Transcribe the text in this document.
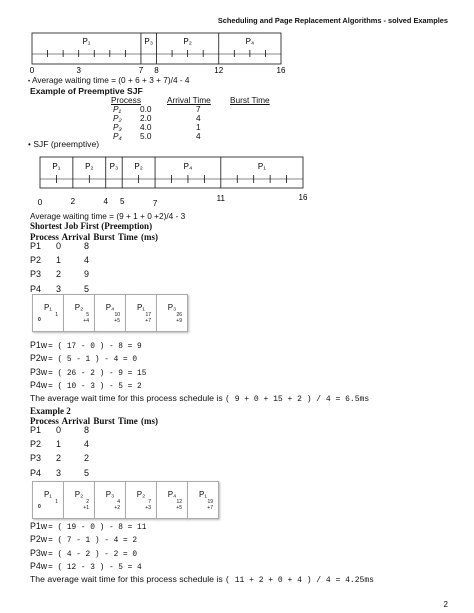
Scheduling and Page Replacement Algorithms - solved Examples
P₁	P₃	P₂	P₄
0	3	7 8	12	16
P₁	P₂ P₃ P₂	P₄	P₁
0	2	4 5	7
11	16
• Average waiting time = (0 + 6 + 3 + 7)/4 - 4
Example of Preemptive SJF
Process	Arrival Time Burst Time
P₁ 0.0	7
P₂ 2.0	4
P₃ 4.0	1
P₄ 5.0	4
• SJF (preemptive)
Average waiting time = (9 + 1 + 0 +2)/4 - 3
Shortest Job First (Preemption)
Process Arrival Burst Time (ms)
P1 0	8
P2 1	4
P3 2	9
P4 3	5
P₁
0
1
P₂
5
+4
P₄
10
+5
P₁
17
+7
P₃
26
+9
P1w= ( 17 - 0 ) - 8 = 9
P2w= ( 5 - 1 ) - 4 = 0
P3w= ( 26 - 2 ) - 9 = 15
P4w= ( 10 - 3 ) - 5 = 2
The average wait time for this process schedule is ( 9 + 0 + 15 + 2 ) / 4 = 6.5ms
Example 2
Process Arrival Burst Time (ms)
P1 0	8
P2 1	4
P3 2	2
P4 3	5
P₁
0
1
P₂
2
+1
P₃
4
+2
P₂
7
+3
P₄
12
+5
P₁
19
+7
P1w= ( 19 - 0 ) - 8 = 11
P2w= ( 7 - 1 ) - 4 = 2
P3w= ( 4 - 2 ) - 2 = 0
P4w= ( 12 - 3 ) - 5 = 4
The average wait time for this process schedule is ( 11 + 2 + 0 + 4 ) / 4 = 4.25ms
2
